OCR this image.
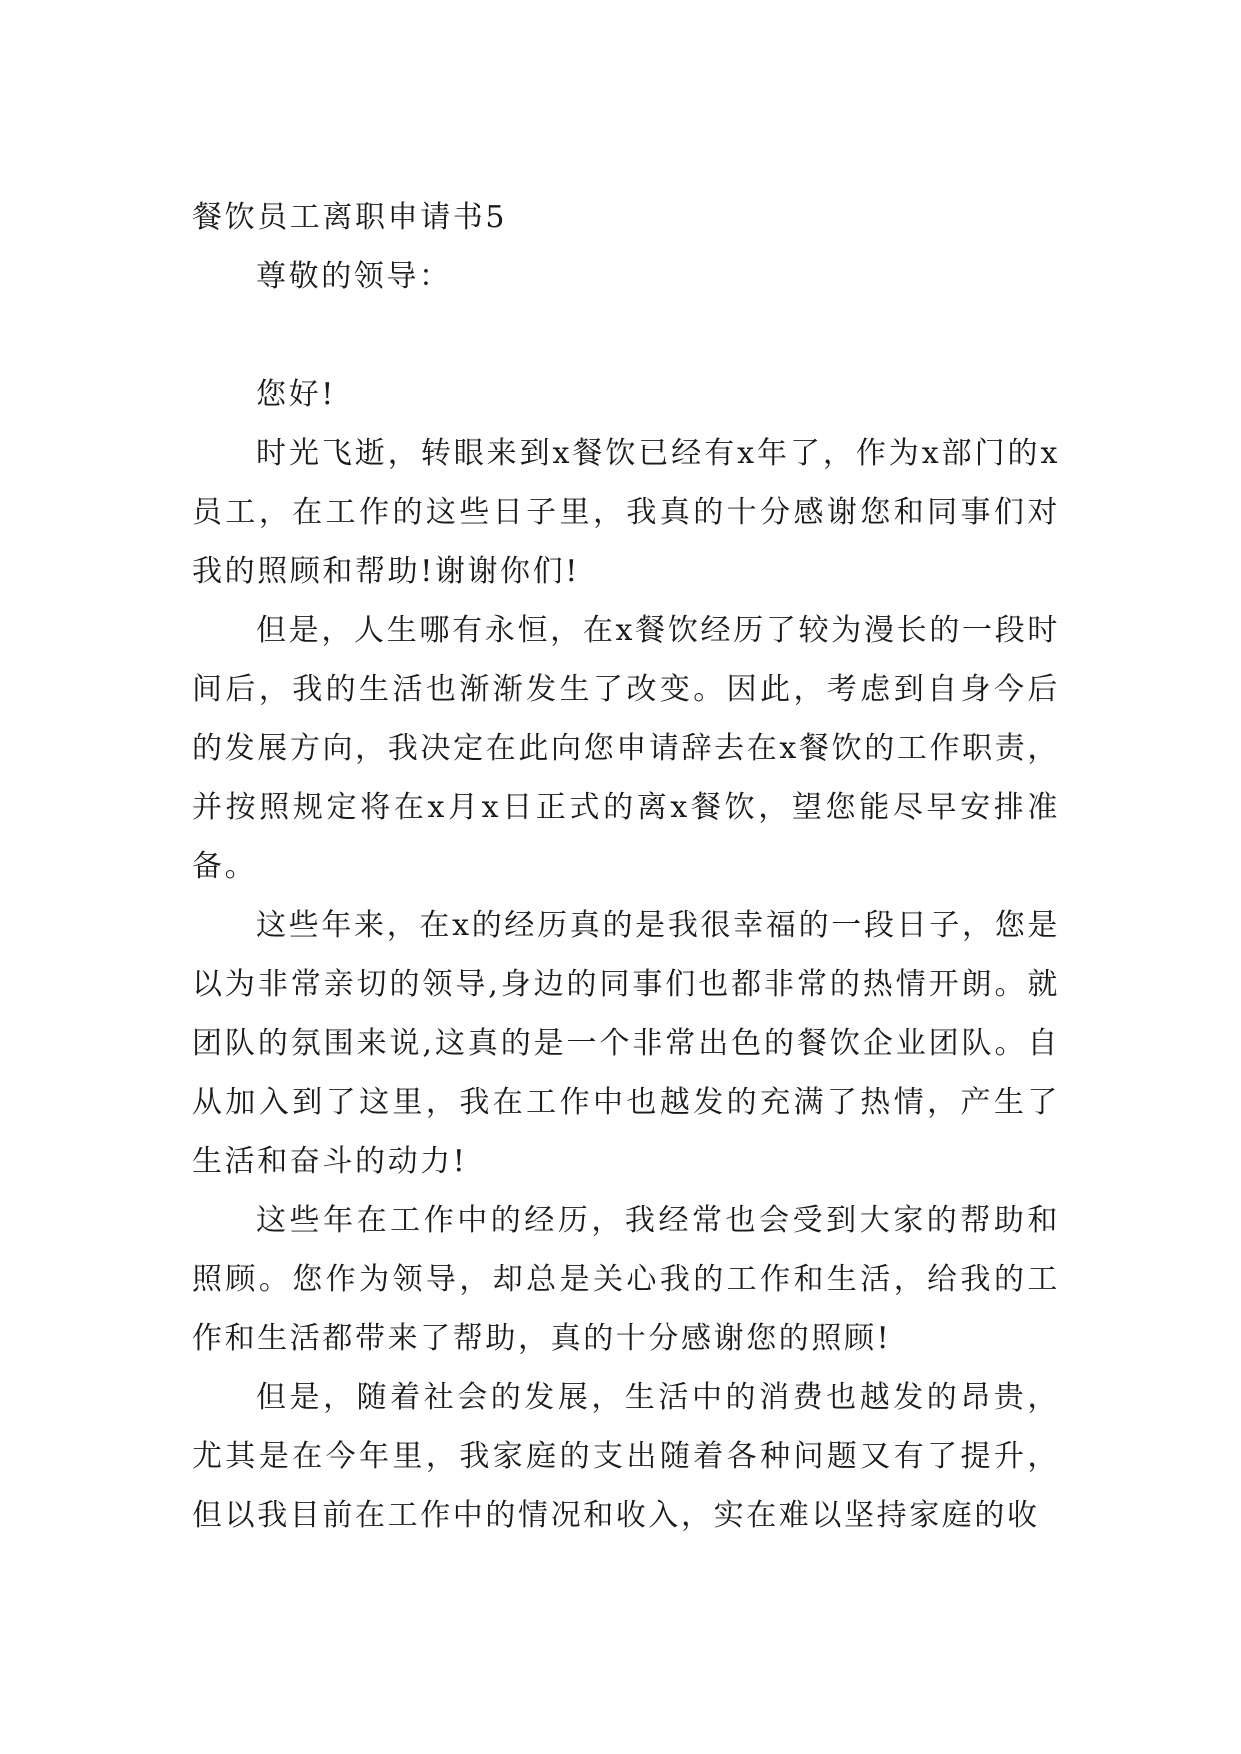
餐饮员工离职申请书5

尊敬的领导：

您好!

时光飞逝，转眼来到x餐饮已经有x年了，作为x部门的x员工，在工作的这些日子里，我真的十分感谢您和同事们对我的照顾和帮助!谢谢你们!

但是，人生哪有永恒，在x餐饮经历了较为漫长的一段时间后，我的生活也渐渐发生了改变。因此，考虑到自身今后的发展方向，我决定在此向您申请辞去在x餐饮的工作职责，并按照规定将在x月x日正式的离x餐饮，望您能尽早安排准备。

这些年来，在x的经历真的是我很幸福的一段日子，您是以为非常亲切的领导,身边的同事们也都非常的热情开朗。就团队的氛围来说,这真的是一个非常出色的餐饮企业团队。自从加入到了这里，我在工作中也越发的充满了热情，产生了生活和奋斗的动力!

这些年在工作中的经历，我经常也会受到大家的帮助和照顾。您作为领导，却总是关心我的工作和生活，给我的工作和生活都带来了帮助，真的十分感谢您的照顾!

但是，随着社会的发展，生活中的消费也越发的昂贵，尤其是在今年里，我家庭的支出随着各种问题又有了提升，但以我目前在工作中的情况和收入，实在难以坚持家庭的收
